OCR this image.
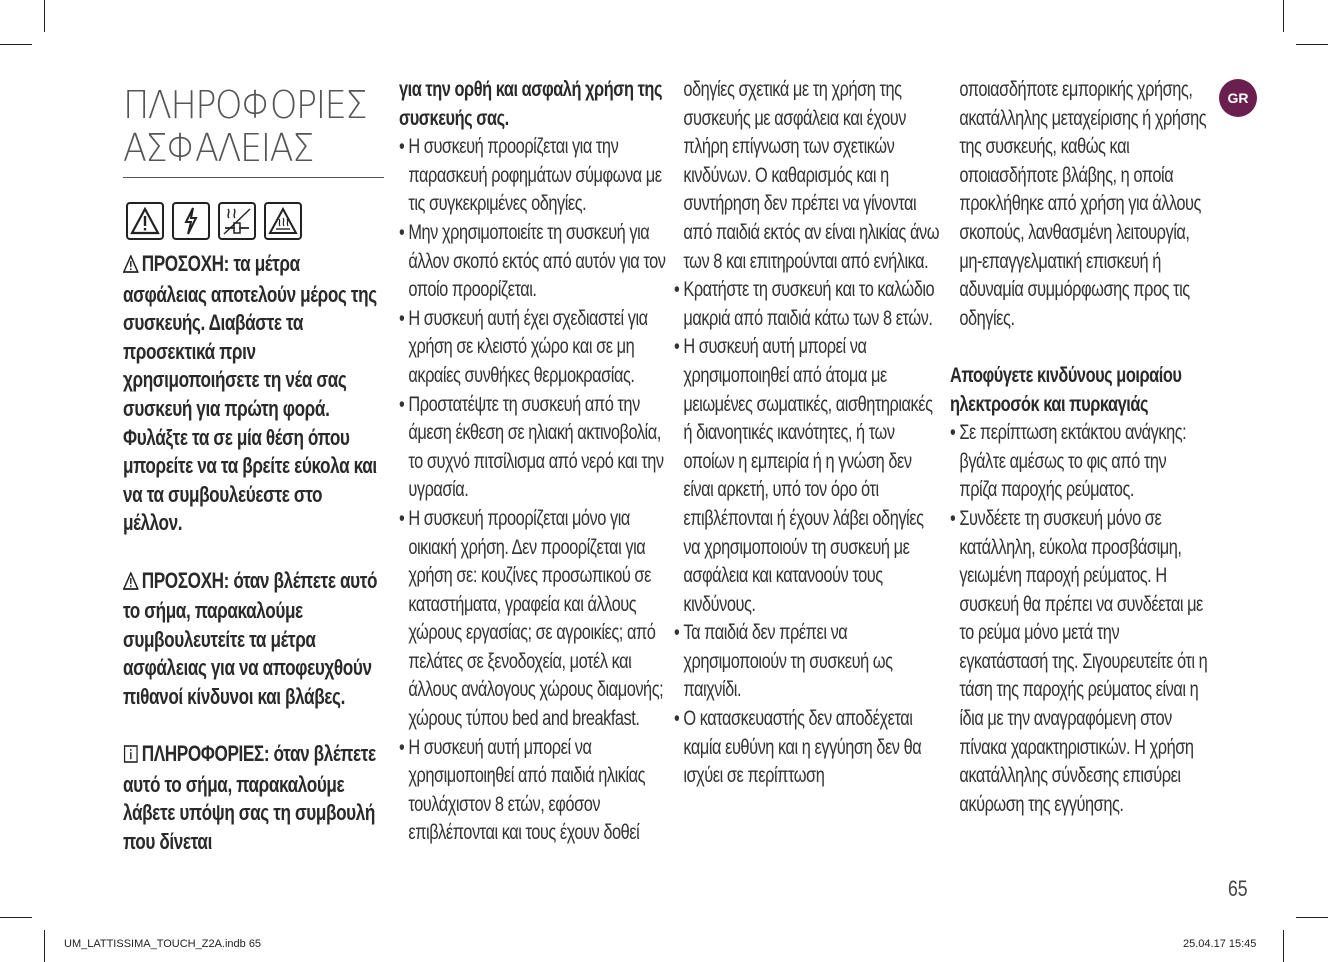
ΠΛΗΡΟΦΟΡΙΕΣ
ΑΣΦΑΛΕΙΑΣ

ΠΡΟΣΟΧΗ: τα μέτρα ασφάλειας αποτελούν μέρος της συσκευής. Διαβάστε τα προσεκτικά πριν χρησιμοποιήσετε τη νέα σας συσκευή για πρώτη φορά. Φυλάξτε τα σε μία θέση όπου μπορείτε να τα βρείτε εύκολα και να τα συμβουλεύεστε στο μέλλον.

ΠΡΟΣΟΧΗ: όταν βλέπετε αυτό το σήμα, παρακαλούμε συμβουλευτείτε τα μέτρα ασφάλειας για να αποφευχθούν πιθανοί κίνδυνοι και βλάβες.

ΠΛΗΡΟΦΟΡΙΕΣ: όταν βλέπετε αυτό το σήμα, παρακαλούμε λάβετε υπόψη σας τη συμβουλή που δίνεται

για την ορθή και ασφαλή χρήση της συσκευής σας.
• Η συσκευή προορίζεται για την παρασκευή ροφημάτων σύμφωνα με τις συγκεκριμένες οδηγίες.
• Μην χρησιμοποιείτε τη συσκευή για άλλον σκοπό εκτός από αυτόν για τον οποίο προορίζεται.
• Η συσκευή αυτή έχει σχεδιαστεί για χρήση σε κλειστό χώρο και σε μη ακραίες συνθήκες θερμοκρασίας.
• Προστατέψτε τη συσκευή από την άμεση έκθεση σε ηλιακή ακτινοβολία, το συχνό πιτσίλισμα από νερό και την υγρασία.
• Η συσκευή προορίζεται μόνο για οικιακή χρήση. Δεν προορίζεται για χρήση σε: κουζίνες προσωπικού σε καταστήματα, γραφεία και άλλους χώρους εργασίας; σε αγροικίες; από πελάτες σε ξενοδοχεία, μοτέλ και άλλους ανάλογους χώρους διαμονής; χώρους τύπου bed and breakfast.
• Η συσκευή αυτή μπορεί να χρησιμοποιηθεί από παιδιά ηλικίας τουλάχιστον 8 ετών, εφόσον επιβλέπονται και τους έχουν δοθεί
οδηγίες σχετικά με τη χρήση της συσκευής με ασφάλεια και έχουν πλήρη επίγνωση των σχετικών κινδύνων. Ο καθαρισμός και η συντήρηση δεν πρέπει να γίνονται από παιδιά εκτός αν είναι ηλικίας άνω των 8 και επιτηρούνται από ενήλικα.
• Κρατήστε τη συσκευή και το καλώδιο μακριά από παιδιά κάτω των 8 ετών.
• Η συσκευή αυτή μπορεί να χρησιμοποιηθεί από άτομα με μειωμένες σωματικές, αισθητηριακές ή διανοητικές ικανότητες, ή των οποίων η εμπειρία ή η γνώση δεν είναι αρκετή, υπό τον όρο ότι επιβλέπονται ή έχουν λάβει οδηγίες να χρησιμοποιούν τη συσκευή με ασφάλεια και κατανοούν τους κινδύνους.
• Τα παιδιά δεν πρέπει να χρησιμοποιούν τη συσκευή ως παιχνίδι.
• Ο κατασκευαστής δεν αποδέχεται καμία ευθύνη και η εγγύηση δεν θα ισχύει σε περίπτωση
οποιασδήποτε εμπορικής χρήσης, ακατάλληλης μεταχείρισης ή χρήσης της συσκευής, καθώς και οποιασδήποτε βλάβης, η οποία προκλήθηκε από χρήση για άλλους σκοπούς, λανθασμένη λειτουργία, μη-επαγγελματική επισκευή ή αδυναμία συμμόρφωσης προς τις οδηγίες.
Αποφύγετε κινδύνους μοιραίου ηλεκτροσόκ και πυρκαγιάς
• Σε περίπτωση εκτάκτου ανάγκης: βγάλτε αμέσως το φις από την πρίζα παροχής ρεύματος.
• Συνδέετε τη συσκευή μόνο σε κατάλληλη, εύκολα προσβάσιμη, γειωμένη παροχή ρεύματος. Η συσκευή θα πρέπει να συνδέεται με το ρεύμα μόνο μετά την εγκατάστασή της. Σιγουρευτείτε ότι η τάση της παροχής ρεύματος είναι η ίδια με την αναγραφόμενη στον πίνακα χαρακτηριστικών. Η χρήση ακατάλληλης σύνδεσης επισύρει ακύρωση της εγγύησης.
GR
65
UM_LATTISSIMA_TOUCH_Z2A.indb 65	25.04.17 15:45
